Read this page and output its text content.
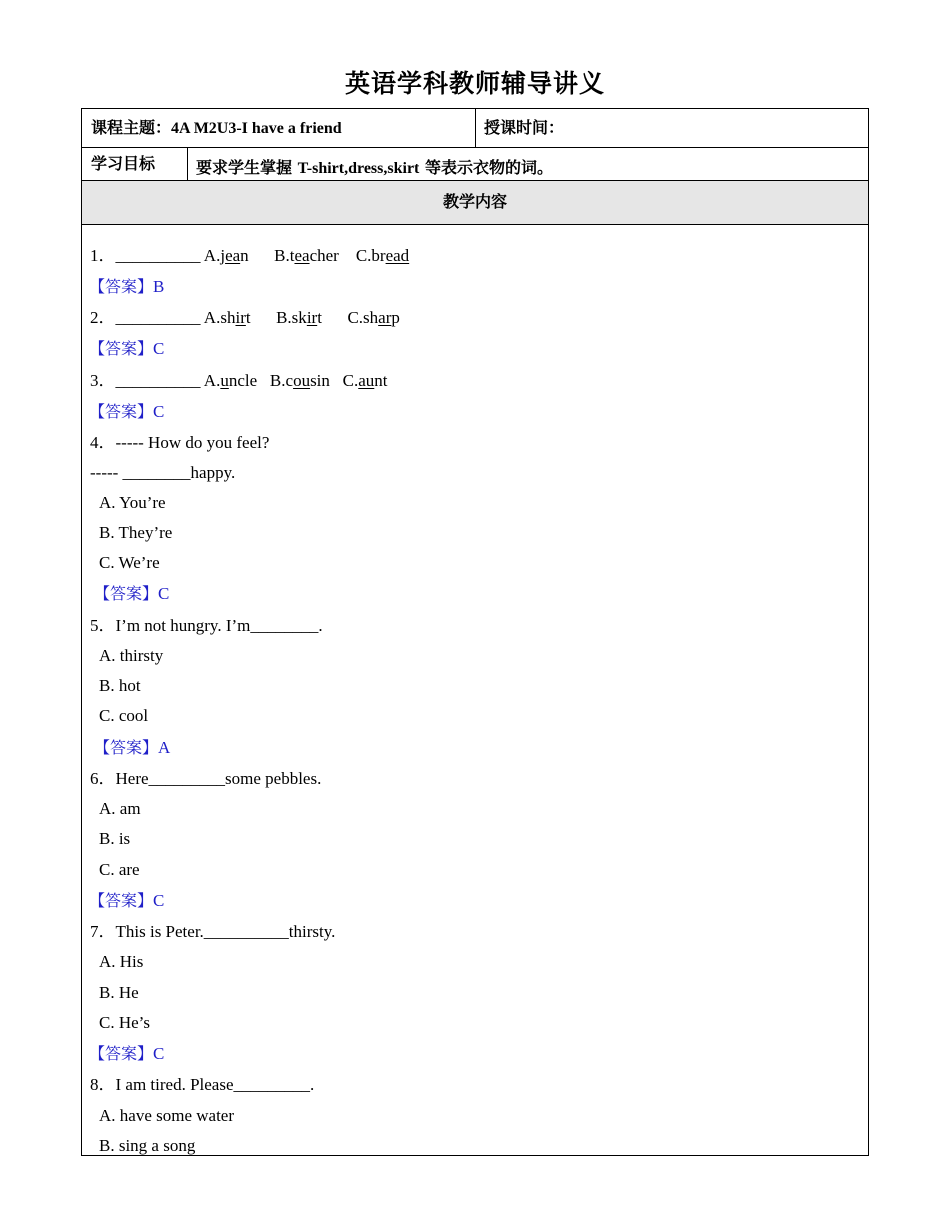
英语学科教师辅导讲义
课程主题：4A M2U3-I have a friend	授课时间：
学习目标	要求学生掌握 T-shirt,dress,skirt 等表示衣物的词。
教学内容
1．__________ A.jean      B.teacher    C.bread
【答案】B
2．__________ A.shirt      B.skirt      C.sharp
【答案】C
3．__________ A.uncle   B.cousin   C.aunt
【答案】C
4．----- How do you feel?
----- ________happy.
A. You’re
B. They’re
C. We’re
【答案】C
5．I’m not hungry. I’m________.
A. thirsty
B. hot
C. cool
【答案】A
6．Here_________some pebbles.
A. am
B. is
C. are
【答案】C
7．This is Peter.__________thirsty.
A. His
B. He
C. He’s
【答案】C
8．I am tired. Please_________.
A. have some water
B. sing a song
